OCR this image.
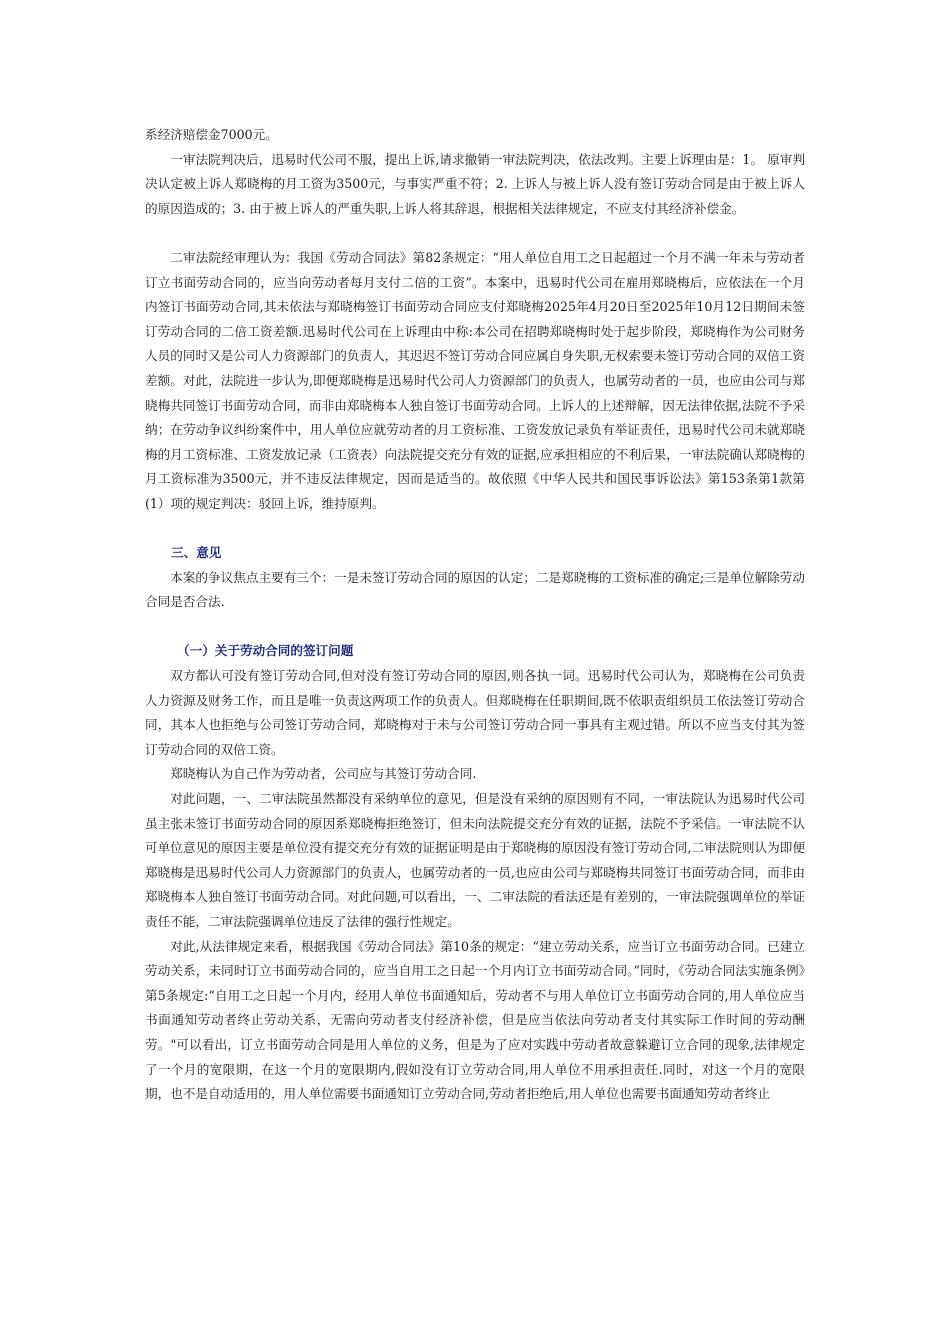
系经济赔偿金7000元。

一审法院判决后，迅易时代公司不服，提出上诉,请求撤销一审法院判决，依法改判。主要上诉理由是：1。 原审判决认定被上诉人郑晓梅的月工资为3500元，与事实严重不符；2. 上诉人与被上诉人没有签订劳动合同是由于被上诉人的原因造成的；3. 由于被上诉人的严重失职,上诉人将其辞退，根据相关法律规定，不应支付其经济补偿金。

二审法院经审理认为：我国《劳动合同法》第82条规定：“用人单位自用工之日起超过一个月不满一年未与劳动者订立书面劳动合同的，应当向劳动者每月支付二倍的工资”。本案中，迅易时代公司在雇用郑晓梅后，应依法在一个月内签订书面劳动合同,其未依法与郑晓梅签订书面劳动合同应支付郑晓梅2025年4月20日至2025年10月12日期间未签订劳动合同的二倍工资差额.迅易时代公司在上诉理由中称:本公司在招聘郑晓梅时处于起步阶段，郑晓梅作为公司财务人员的同时又是公司人力资源部门的负责人，其迟迟不签订劳动合同应属自身失职,无权索要未签订劳动合同的双倍工资差额。对此，法院进一步认为,即便郑晓梅是迅易时代公司人力资源部门的负责人，也属劳动者的一员，也应由公司与郑晓梅共同签订书面劳动合同，而非由郑晓梅本人独自签订书面劳动合同。上诉人的上述辩解，因无法律依据,法院不予采纳；在劳动争议纠纷案件中，用人单位应就劳动者的月工资标准、工资发放记录负有举证责任，迅易时代公司未就郑晓梅的月工资标准、工资发放记录（工资表）向法院提交充分有效的证据,应承担相应的不利后果，一审法院确认郑晓梅的月工资标准为3500元，并不违反法律规定，因而是适当的。故依照《中华人民共和国民事诉讼法》第153条第1款第(1）项的规定判决：驳回上诉，维持原判。

三、意见

本案的争议焦点主要有三个：一是未签订劳动合同的原因的认定；二是郑晓梅的工资标准的确定;三是单位解除劳动合同是否合法.

（一）关于劳动合同的签订问题

双方都认可没有签订劳动合同,但对没有签订劳动合同的原因,则各执一词。迅易时代公司认为，郑晓梅在公司负责人力资源及财务工作，而且是唯一负责这两项工作的负责人。但郑晓梅在任职期间,既不依职责组织员工依法签订劳动合同，其本人也拒绝与公司签订劳动合同，郑晓梅对于未与公司签订劳动合同一事具有主观过错。所以不应当支付其为签订劳动合同的双倍工资。

郑晓梅认为自己作为劳动者，公司应与其签订劳动合同.

对此问题，一、二审法院虽然都没有采纳单位的意见，但是没有采纳的原因则有不同，一审法院认为迅易时代公司虽主张未签订书面劳动合同的原因系郑晓梅拒绝签订，但未向法院提交充分有效的证据，法院不予采信。一审法院不认可单位意见的原因主要是单位没有提交充分有效的证据证明是由于郑晓梅的原因没有签订劳动合同,二审法院则认为即便郑晓梅是迅易时代公司人力资源部门的负责人，也属劳动者的一员,也应由公司与郑晓梅共同签订书面劳动合同，而非由郑晓梅本人独自签订书面劳动合同。对此问题,可以看出，一、二审法院的看法还是有差别的，一审法院强调单位的举证责任不能，二审法院强调单位违反了法律的强行性规定。

对此,从法律规定来看，根据我国《劳动合同法》第10条的规定：“建立劳动关系，应当订立书面劳动合同。已建立劳动关系，未同时订立书面劳动合同的，应当自用工之日起一个月内订立书面劳动合同。”同时，《劳动合同法实施条例》第5条规定:“自用工之日起一个月内，经用人单位书面通知后，劳动者不与用人单位订立书面劳动合同的,用人单位应当书面通知劳动者终止劳动关系，无需向劳动者支付经济补偿，但是应当依法向劳动者支付其实际工作时间的劳动酬劳。"可以看出，订立书面劳动合同是用人单位的义务，但是为了应对实践中劳动者故意躲避订立合同的现象,法律规定了一个月的宽限期，在这一个月的宽限期内,假如没有订立劳动合同,用人单位不用承担责任.同时，对这一个月的宽限期，也不是自动适用的，用人单位需要书面通知订立劳动合同,劳动者拒绝后,用人单位也需要书面通知劳动者终止
